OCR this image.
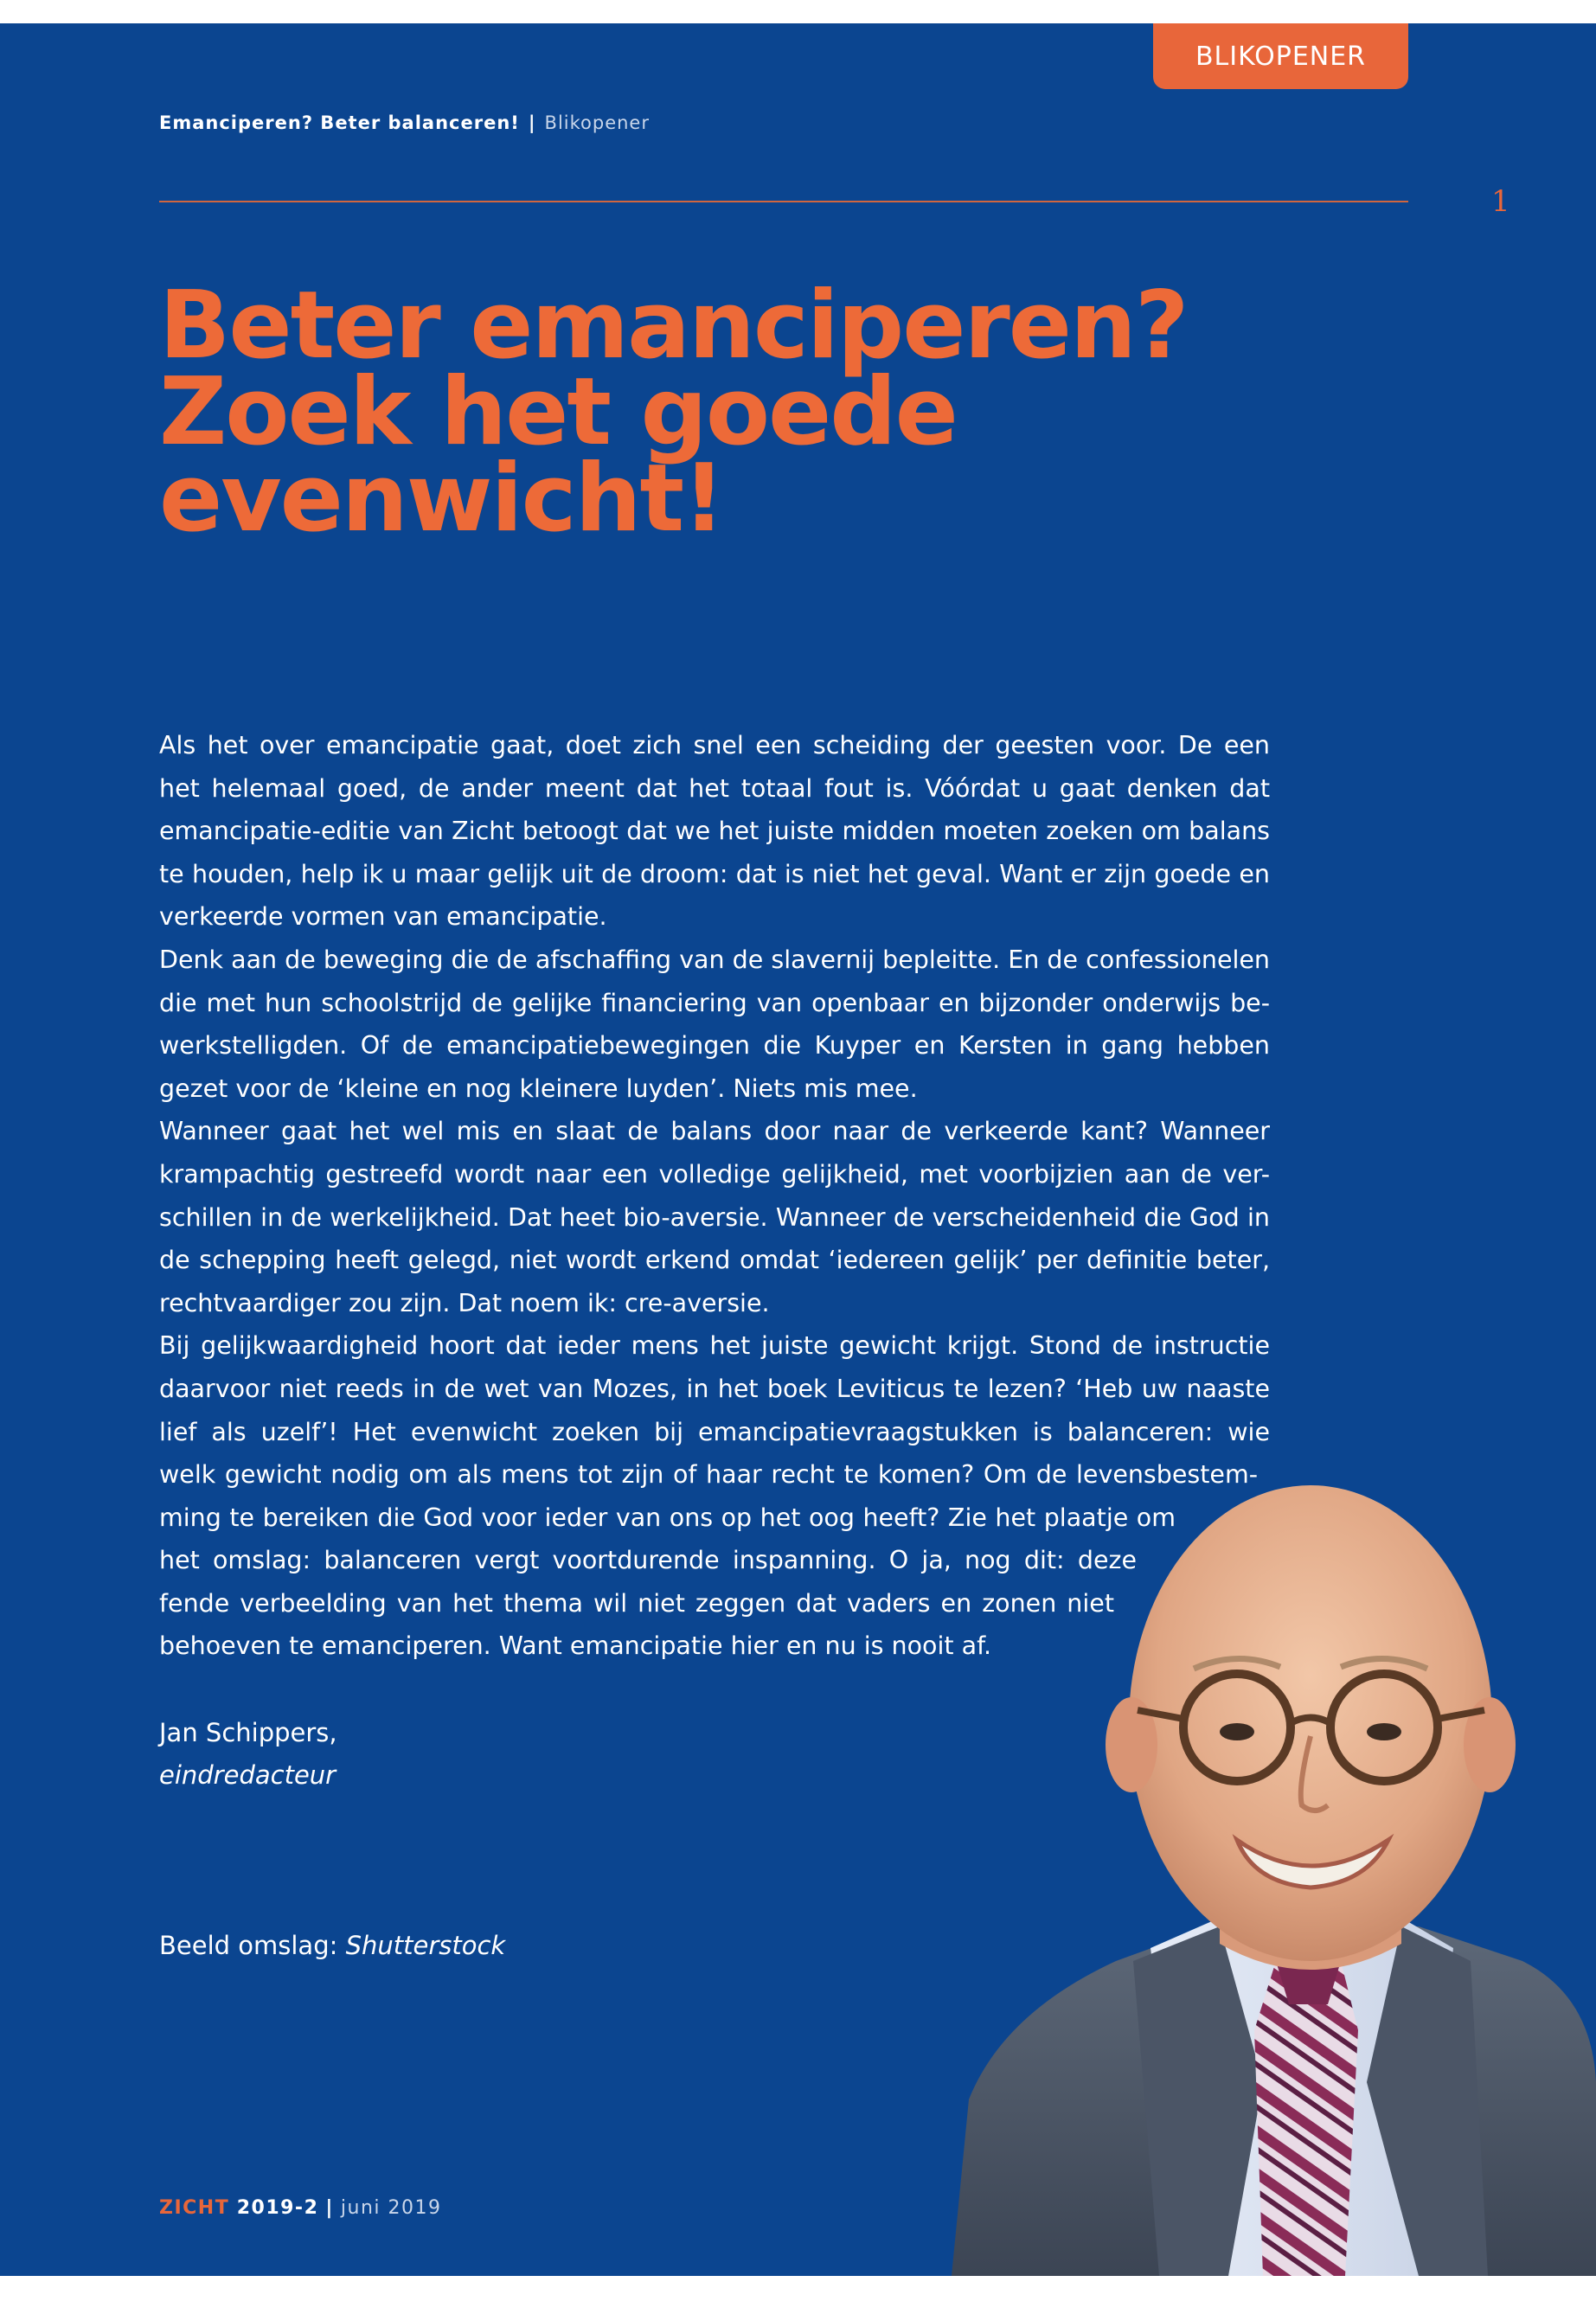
BLIKOPENER
Emanciperen? Beter balanceren! | Blikopener
1
Beter emanciperen?
Zoek het goede
evenwicht!
Als het over emancipatie gaat, doet zich snel een scheiding der geesten voor. De een
het helemaal goed, de ander meent dat het totaal fout is. Vóórdat u gaat denken dat
emancipatie-editie van Zicht betoogt dat we het juiste midden moeten zoeken om balans
te houden, help ik u maar gelijk uit de droom: dat is niet het geval. Want er zijn goede en
verkeerde vormen van emancipatie.
Denk aan de beweging die de afschaffing van de slavernij bepleitte. En de confessionelen
die met hun schoolstrijd de gelijke financiering van openbaar en bijzonder onderwijs be-
werkstelligden. Of de emancipatiebewegingen die Kuyper en Kersten in gang hebben
gezet voor de ‘kleine en nog kleinere luyden’. Niets mis mee.
Wanneer gaat het wel mis en slaat de balans door naar de verkeerde kant? Wanneer
krampachtig gestreefd wordt naar een volledige gelijkheid, met voorbijzien aan de ver-
schillen in de werkelijkheid. Dat heet bio-aversie. Wanneer de verscheidenheid die God in
de schepping heeft gelegd, niet wordt erkend omdat ‘iedereen gelijk’ per definitie beter,
rechtvaardiger zou zijn. Dat noem ik: cre-aversie.
Bij gelijkwaardigheid hoort dat ieder mens het juiste gewicht krijgt. Stond de instructie
daarvoor niet reeds in de wet van Mozes, in het boek Leviticus te lezen? ‘Heb uw naaste
lief als uzelf’! Het evenwicht zoeken bij emancipatievraagstukken is balanceren: wie
welk gewicht nodig om als mens tot zijn of haar recht te komen? Om de levensbestem-
ming te bereiken die God voor ieder van ons op het oog heeft? Zie het plaatje om
het omslag: balanceren vergt voortdurende inspanning. O ja, nog dit: deze
fende verbeelding van het thema wil niet zeggen dat vaders en zonen niet
behoeven te emanciperen. Want emancipatie hier en nu is nooit af.
Jan Schippers,
eindredacteur
Beeld omslag: Shutterstock
ZICHT 2019-2 | juni 2019
